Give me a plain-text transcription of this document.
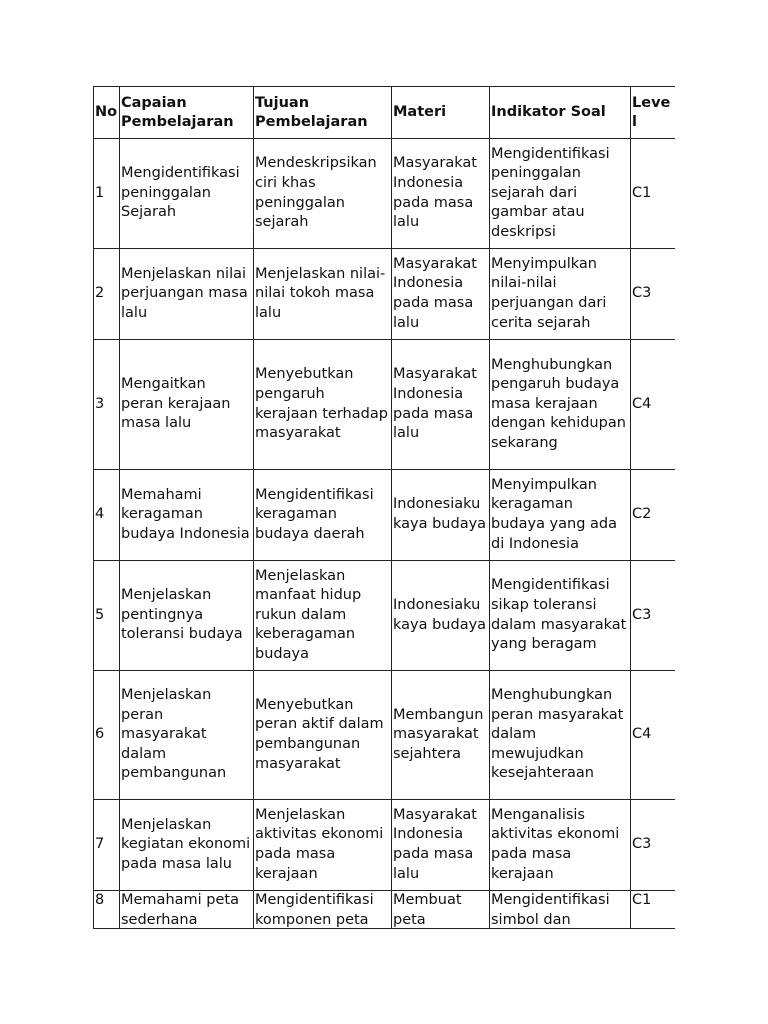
No	Capaian Pembelajaran	Tujuan Pembelajaran	Materi	Indikator Soal	Level
1	Mengidentifikasi peninggalan Sejarah	Mendeskripsikan ciri khas peninggalan sejarah	Masyarakat Indonesia pada masa lalu	Mengidentifikasi peninggalan sejarah dari gambar atau deskripsi	C1
2	Menjelaskan nilai perjuangan masa lalu	Menjelaskan nilai-nilai tokoh masa lalu	Masyarakat Indonesia pada masa lalu	Menyimpulkan nilai-nilai perjuangan dari cerita sejarah	C3
3	Mengaitkan peran kerajaan masa lalu	Menyebutkan pengaruh kerajaan terhadap masyarakat	Masyarakat Indonesia pada masa lalu	Menghubungkan pengaruh budaya masa kerajaan dengan kehidupan sekarang	C4
4	Memahami keragaman budaya Indonesia	Mengidentifikasi keragaman budaya daerah	Indonesiaku kaya budaya	Menyimpulkan keragaman budaya yang ada di Indonesia	C2
5	Menjelaskan pentingnya toleransi budaya	Menjelaskan manfaat hidup rukun dalam keberagaman budaya	Indonesiaku kaya budaya	Mengidentifikasi sikap toleransi dalam masyarakat yang beragam	C3
6	Menjelaskan peran masyarakat dalam pembangunan	Menyebutkan peran aktif dalam pembangunan masyarakat	Membangun masyarakat sejahtera	Menghubungkan peran masyarakat dalam mewujudkan kesejahteraan	C4
7	Menjelaskan kegiatan ekonomi pada masa lalu	Menjelaskan aktivitas ekonomi pada masa kerajaan	Masyarakat Indonesia pada masa lalu	Menganalisis aktivitas ekonomi pada masa kerajaan	C3
8	Memahami peta sederhana	Mengidentifikasi komponen peta	Membuat peta	Mengidentifikasi simbol dan	C1
